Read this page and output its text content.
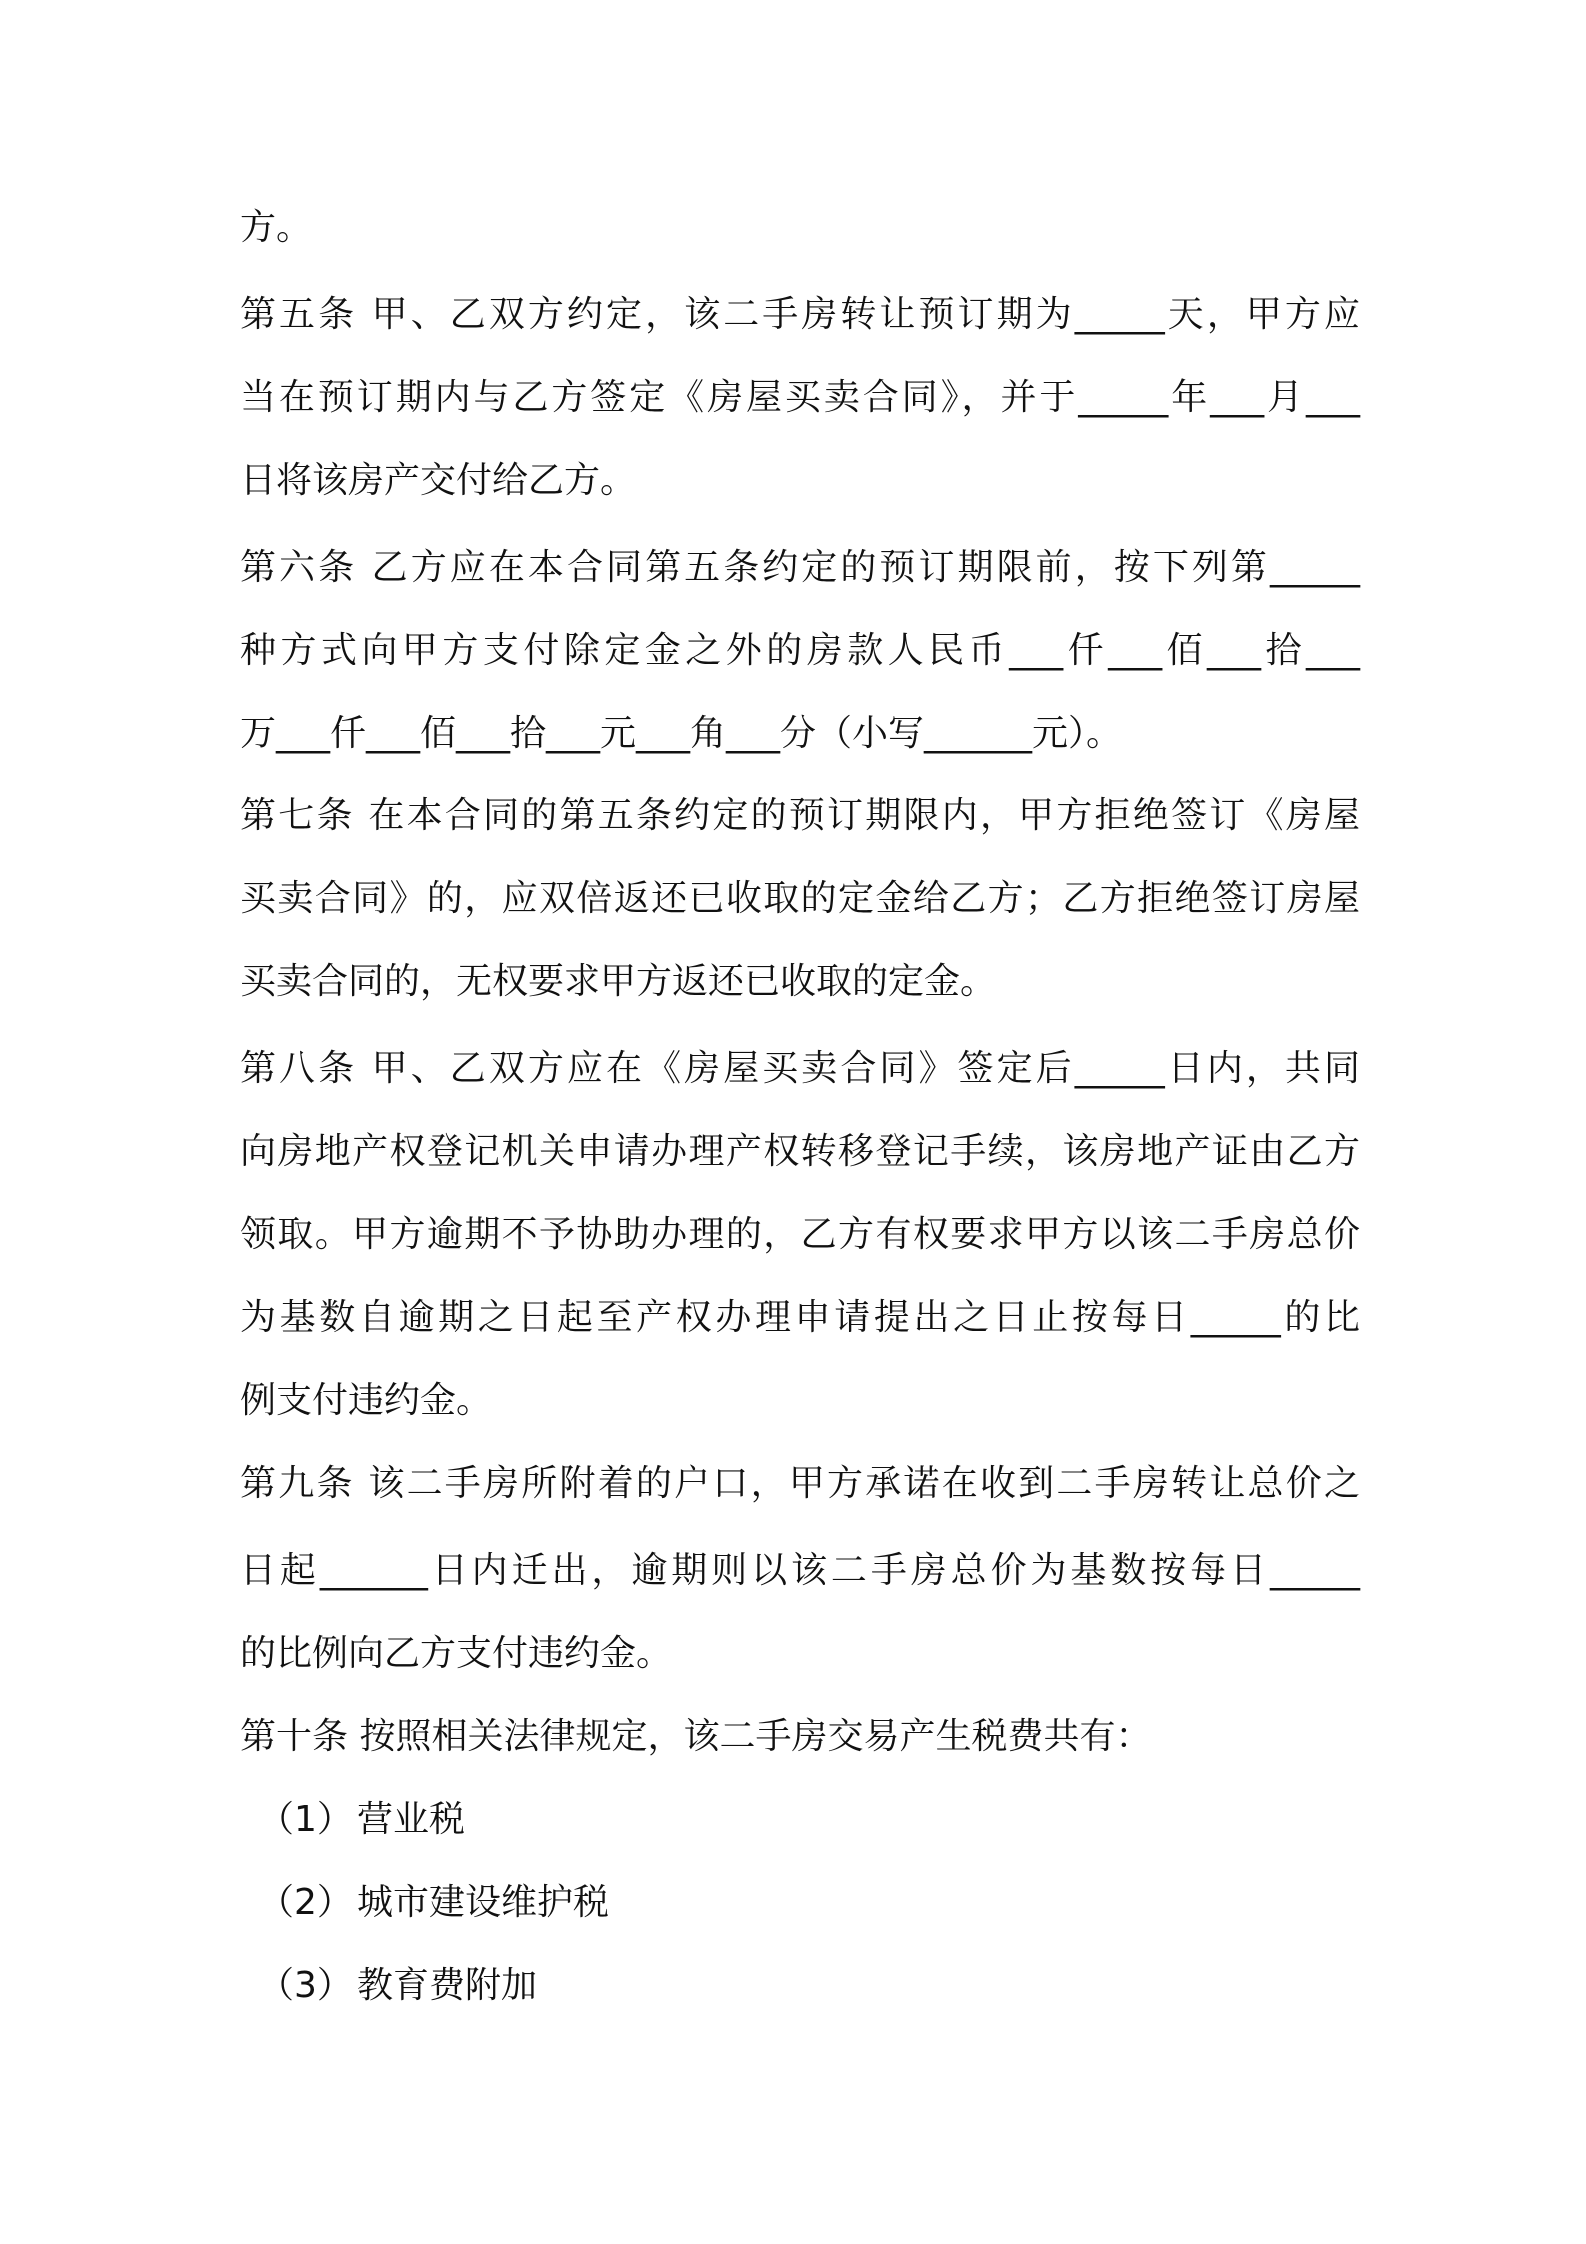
方。
第五条 甲、乙双方约定，该二手房转让预订期为_____天，甲方应
当在预订期内与乙方签定《房屋买卖合同》，并于_____年___月___
日将该房产交付给乙方。
第六条 乙方应在本合同第五条约定的预订期限前，按下列第_____
种方式向甲方支付除定金之外的房款人民币___仟___佰___拾___
万___仟___佰___拾___元___角___分（小写______元）。
第七条 在本合同的第五条约定的预订期限内，甲方拒绝签订《房屋
买卖合同》的，应双倍返还已收取的定金给乙方；乙方拒绝签订房屋
买卖合同的，无权要求甲方返还已收取的定金。
第八条 甲、乙双方应在《房屋买卖合同》签定后_____日内，共同
向房地产权登记机关申请办理产权转移登记手续，该房地产证由乙方
领取。甲方逾期不予协助办理的，乙方有权要求甲方以该二手房总价
为基数自逾期之日起至产权办理申请提出之日止按每日_____的比
例支付违约金。
第九条 该二手房所附着的户口，甲方承诺在收到二手房转让总价之
日起______日内迁出，逾期则以该二手房总价为基数按每日_____
的比例向乙方支付违约金。
第十条 按照相关法律规定，该二手房交易产生税费共有：
（1） 营业税
（2） 城市建设维护税
（3） 教育费附加
